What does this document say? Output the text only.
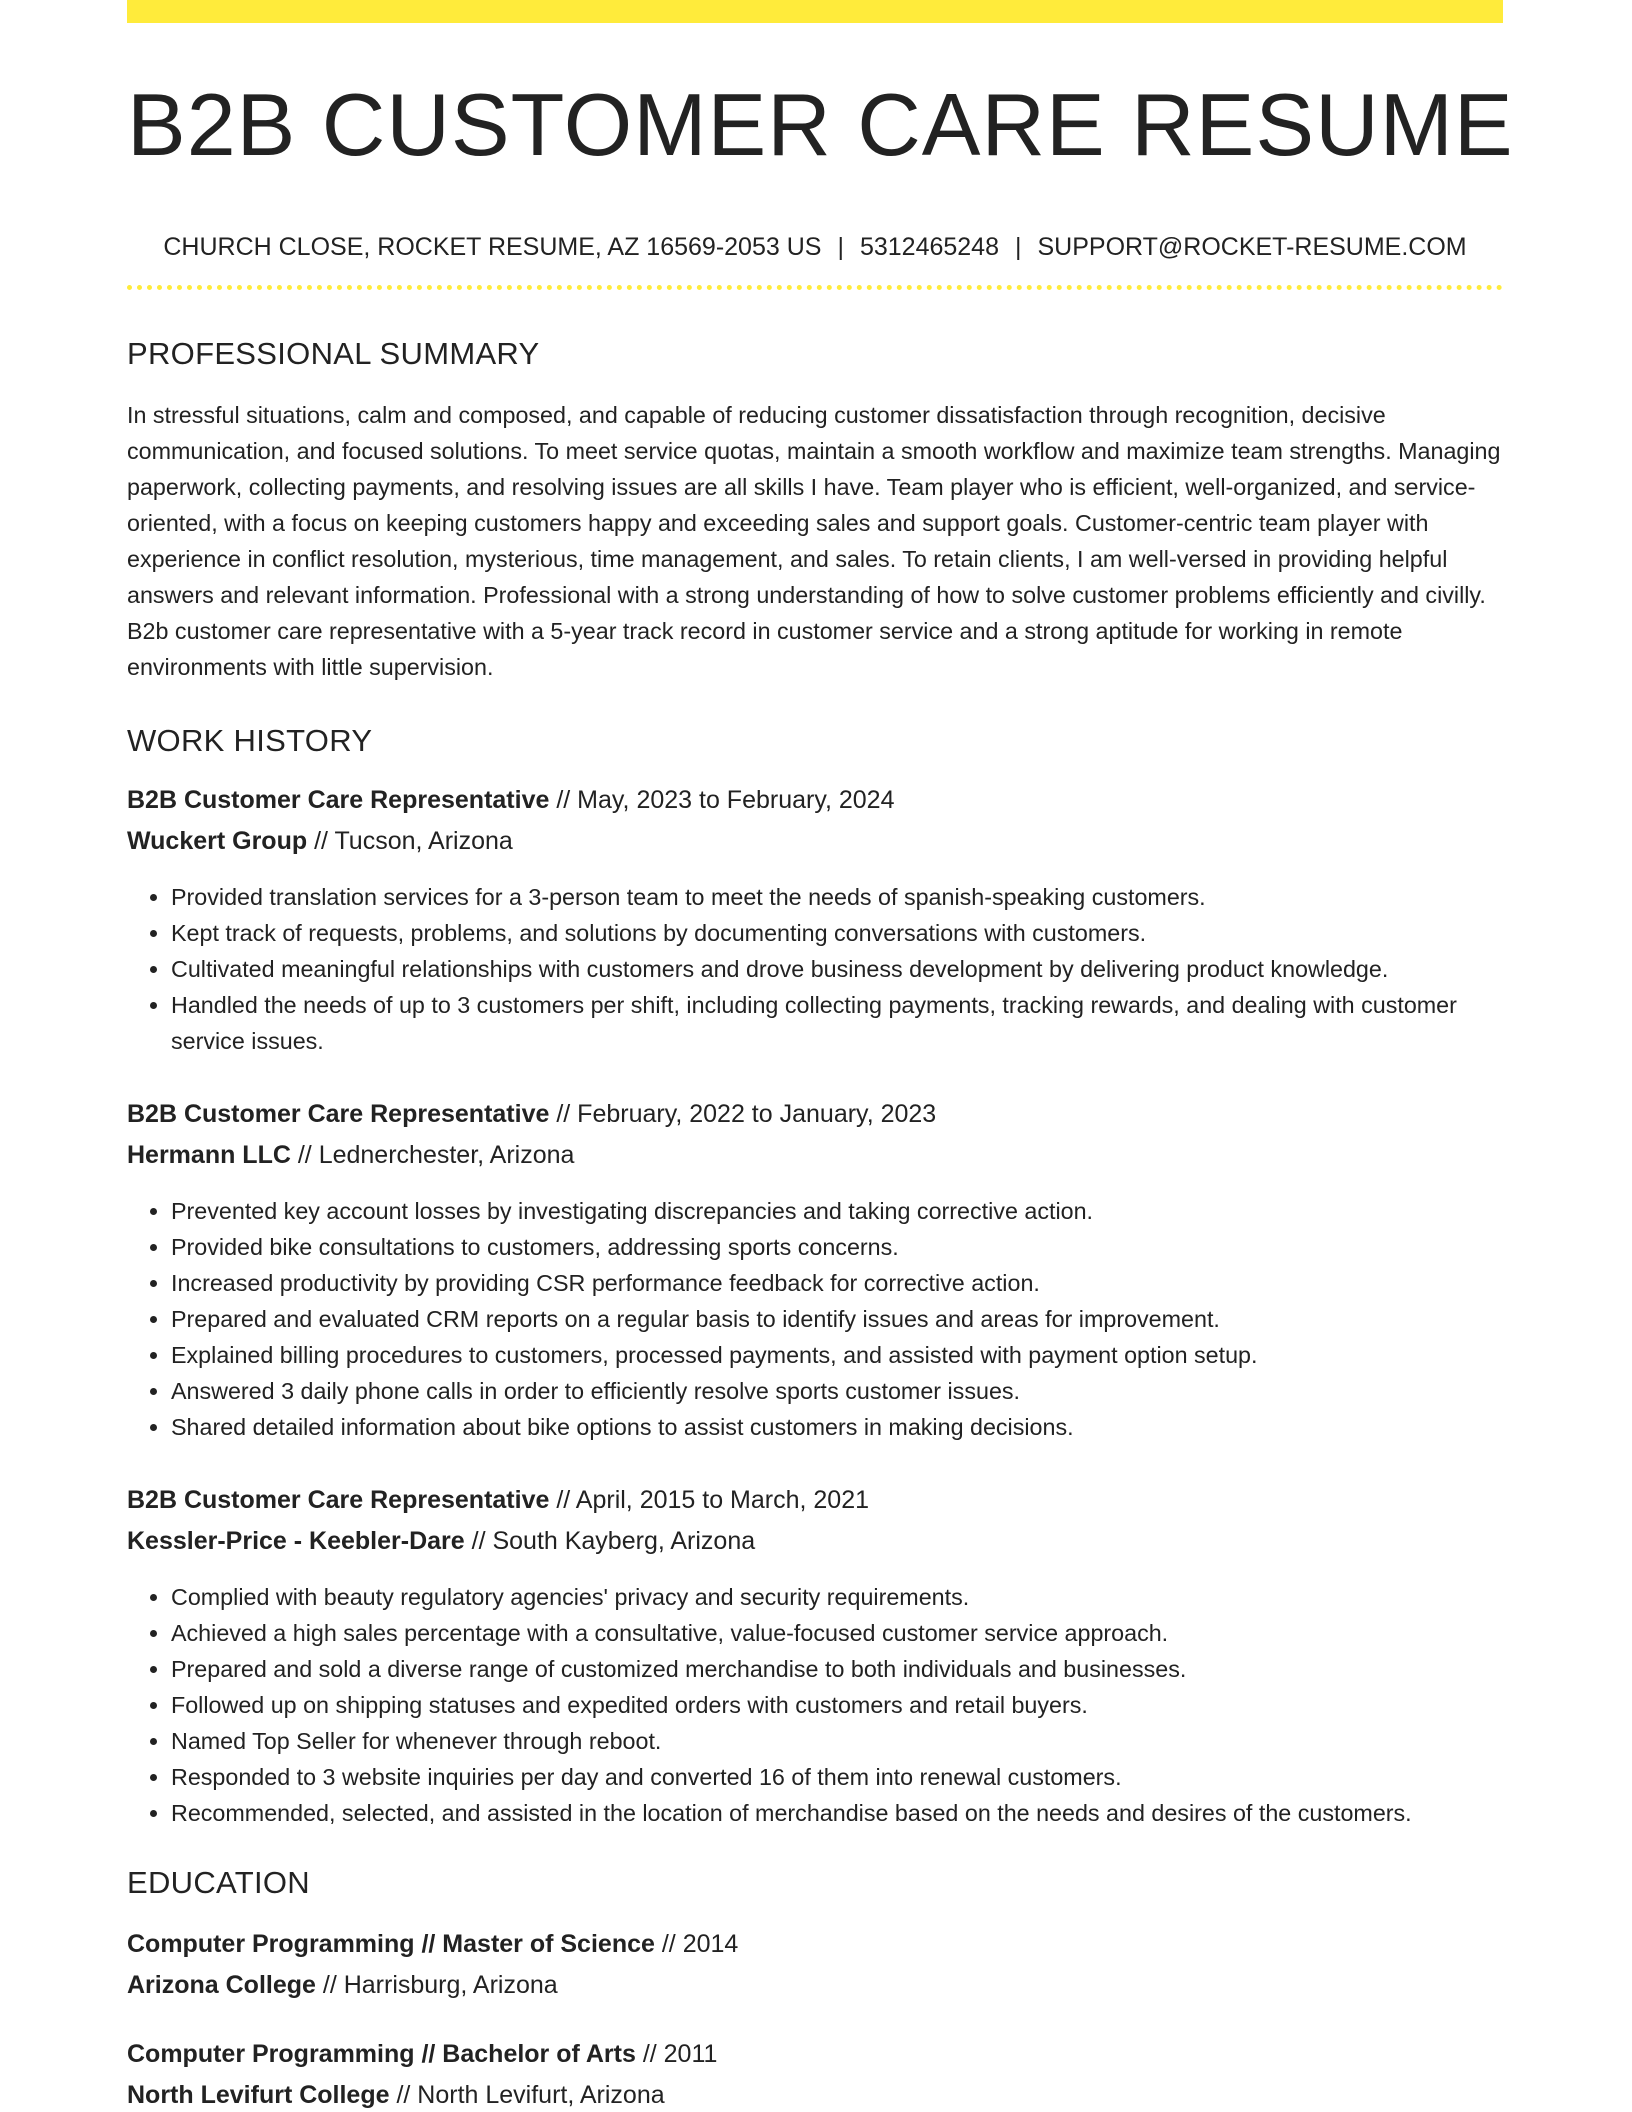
B2B CUSTOMER CARE RESUME
CHURCH CLOSE, ROCKET RESUME, AZ 16569-2053 US | 5312465248 | SUPPORT@ROCKET-RESUME.COM
PROFESSIONAL SUMMARY

In stressful situations, calm and composed, and capable of reducing customer dissatisfaction through recognition, decisive communication, and focused solutions. To meet service quotas, maintain a smooth workflow and maximize team strengths. Managing paperwork, collecting payments, and resolving issues are all skills I have. Team player who is efficient, well-organized, and service-oriented, with a focus on keeping customers happy and exceeding sales and support goals. Customer-centric team player with experience in conflict resolution, mysterious, time management, and sales. To retain clients, I am well-versed in providing helpful answers and relevant information. Professional with a strong understanding of how to solve customer problems efficiently and civilly. B2b customer care representative with a 5-year track record in customer service and a strong aptitude for working in remote environments with little supervision.

WORK HISTORY
B2B Customer Care Representative // May, 2023 to February, 2024
Wuckert Group // Tucson, Arizona
• Provided translation services for a 3-person team to meet the needs of spanish-speaking customers.
• Kept track of requests, problems, and solutions by documenting conversations with customers.
• Cultivated meaningful relationships with customers and drove business development by delivering product knowledge.
• Handled the needs of up to 3 customers per shift, including collecting payments, tracking rewards, and dealing with customer service issues.
B2B Customer Care Representative // February, 2022 to January, 2023
Hermann LLC // Lednerchester, Arizona
• Prevented key account losses by investigating discrepancies and taking corrective action.
• Provided bike consultations to customers, addressing sports concerns.
• Increased productivity by providing CSR performance feedback for corrective action.
• Prepared and evaluated CRM reports on a regular basis to identify issues and areas for improvement.
• Explained billing procedures to customers, processed payments, and assisted with payment option setup.
• Answered 3 daily phone calls in order to efficiently resolve sports customer issues.
• Shared detailed information about bike options to assist customers in making decisions.
B2B Customer Care Representative // April, 2015 to March, 2021
Kessler-Price - Keebler-Dare // South Kayberg, Arizona
• Complied with beauty regulatory agencies' privacy and security requirements.
• Achieved a high sales percentage with a consultative, value-focused customer service approach.
• Prepared and sold a diverse range of customized merchandise to both individuals and businesses.
• Followed up on shipping statuses and expedited orders with customers and retail buyers.
• Named Top Seller for whenever through reboot.
• Responded to 3 website inquiries per day and converted 16 of them into renewal customers.
• Recommended, selected, and assisted in the location of merchandise based on the needs and desires of the customers.
EDUCATION
Computer Programming // Master of Science // 2014
Arizona College // Harrisburg, Arizona
Computer Programming // Bachelor of Arts // 2011
North Levifurt College // North Levifurt, Arizona
